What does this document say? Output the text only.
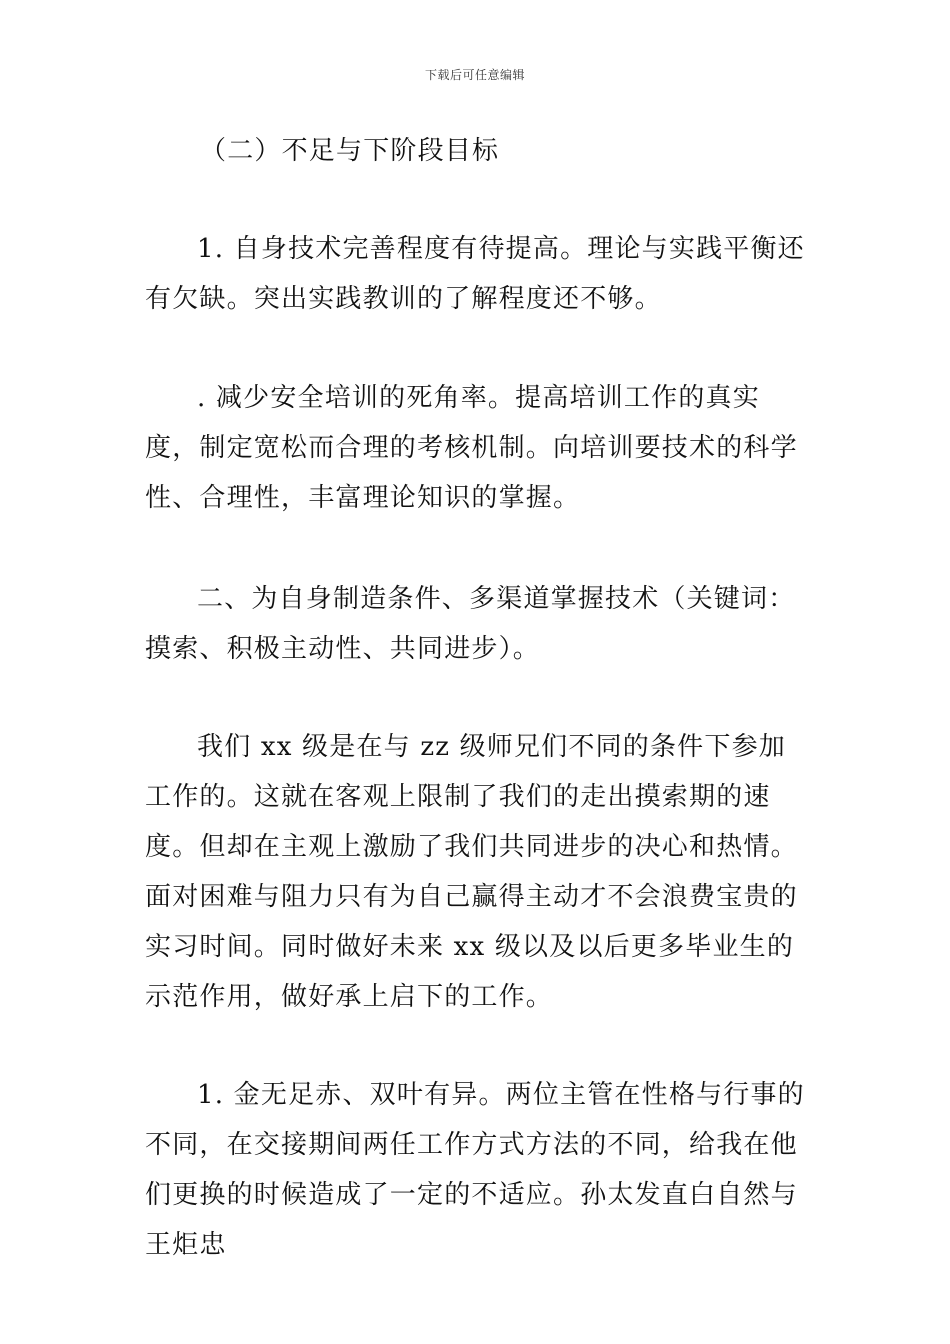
下载后可任意编辑

（二）不足与下阶段目标

1. 自身技术完善程度有待提高。理论与实践平衡还有欠缺。突出实践教训的了解程度还不够。

. 减少安全培训的死角率。提高培训工作的真实度，制定宽松而合理的考核机制。向培训要技术的科学性、合理性，丰富理论知识的掌握。

二、为自身制造条件、多渠道掌握技术（关键词：摸索、积极主动性、共同进步）。

我们 xx 级是在与 zz 级师兄们不同的条件下参加工作的。这就在客观上限制了我们的走出摸索期的速度。但却在主观上激励了我们共同进步的决心和热情。面对困难与阻力只有为自己赢得主动才不会浪费宝贵的实习时间。同时做好未来 xx 级以及以后更多毕业生的示范作用，做好承上启下的工作。

1. 金无足赤、双叶有异。两位主管在性格与行事的不同，在交接期间两任工作方式方法的不同，给我在他们更换的时候造成了一定的不适应。孙太发直白自然与王炬忠
